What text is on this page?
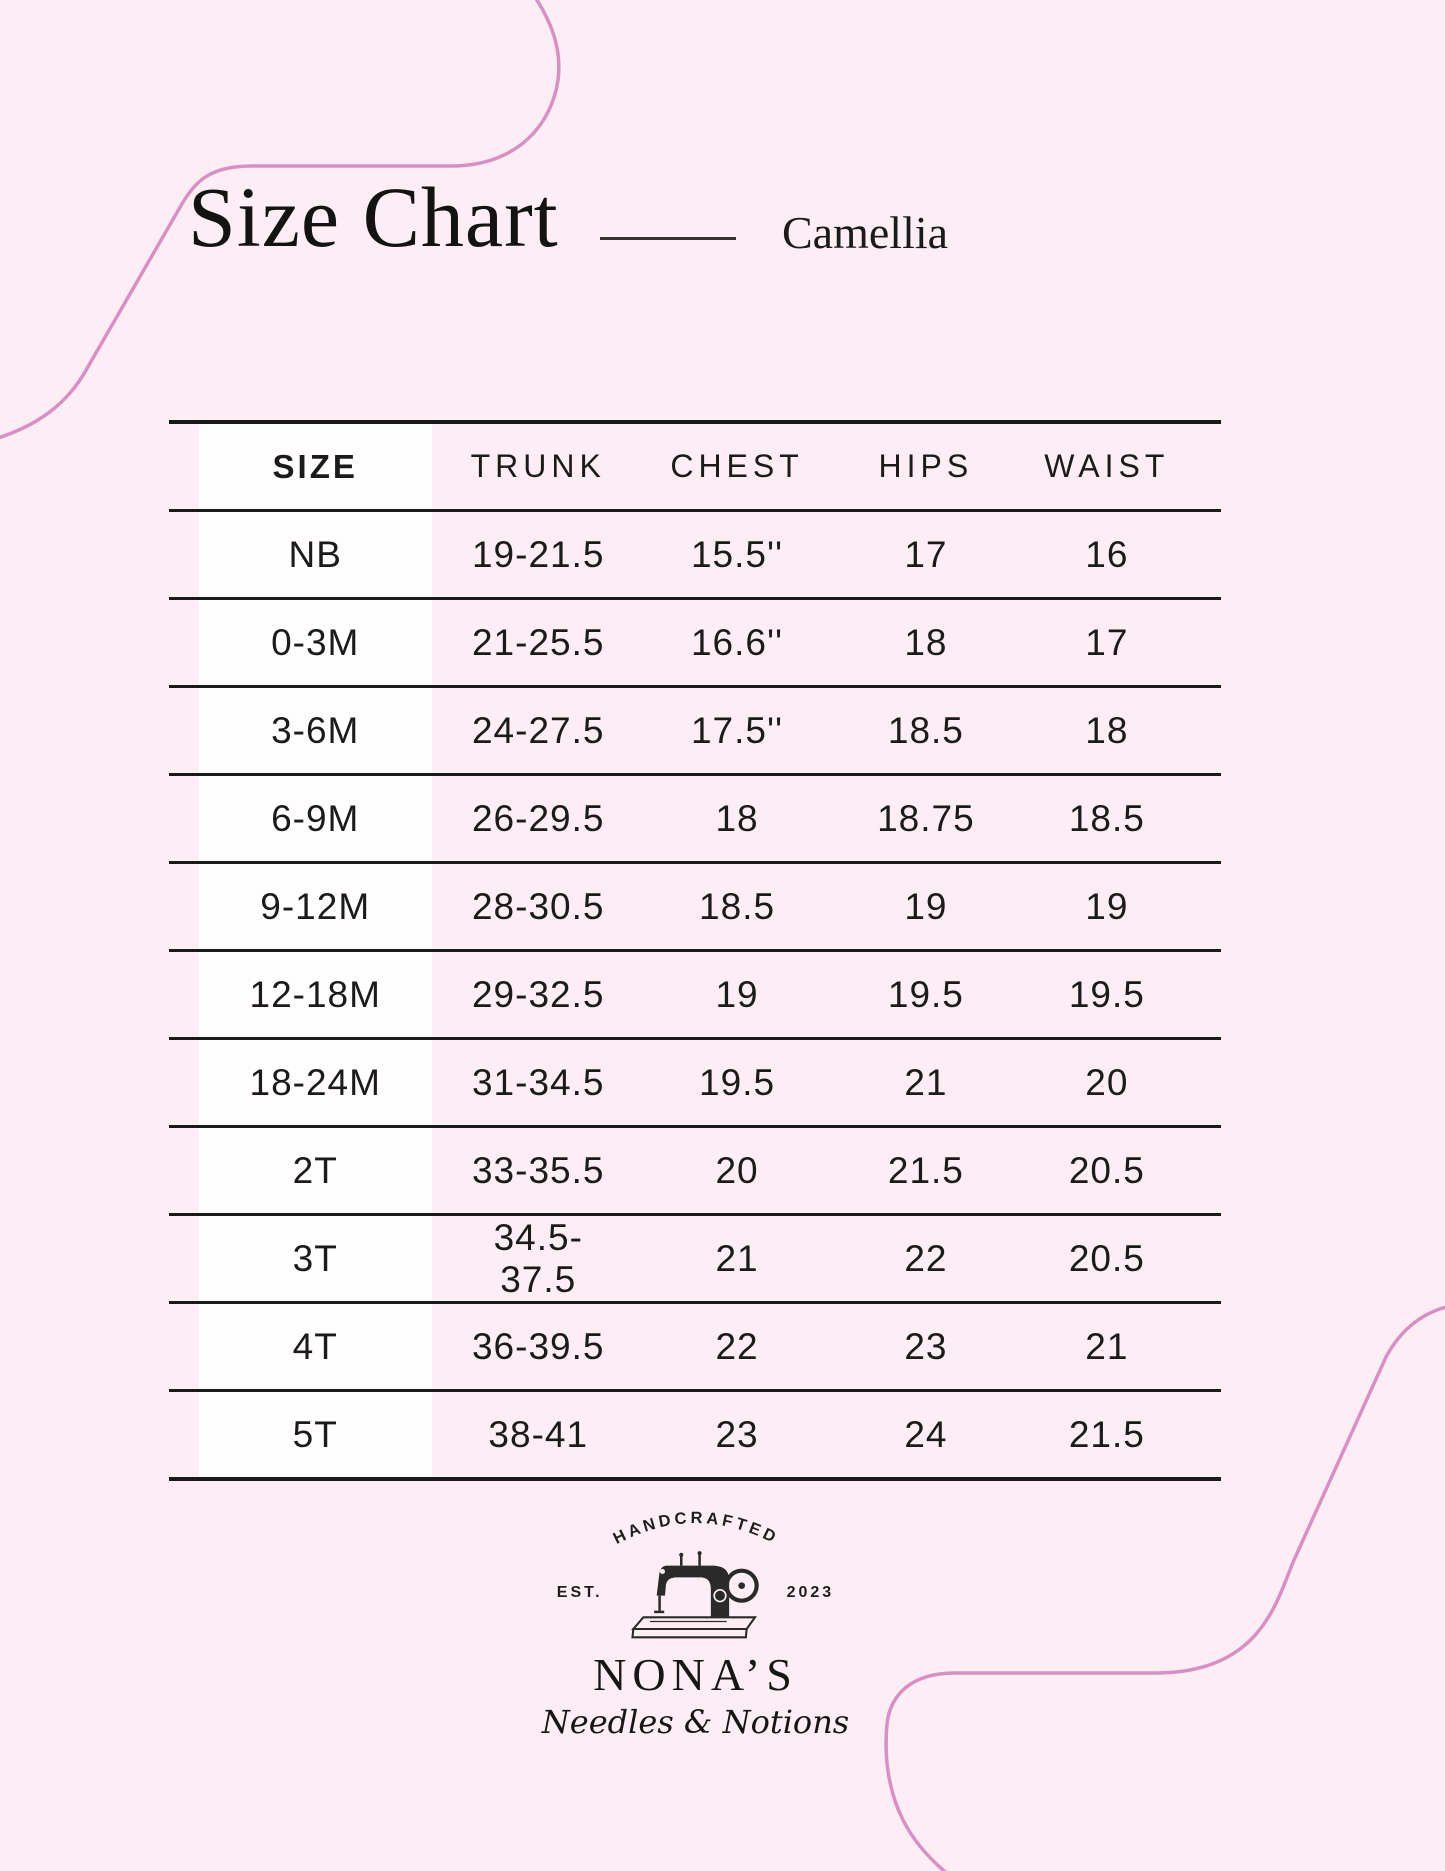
Size Chart	Camellia
SIZE	TRUNK	CHEST	HIPS	WAIST
NB	19-21.5	15.5''	17	16
0-3M	21-25.5	16.6''	18	17
3-6M	24-27.5	17.5''	18.5	18
6-9M	26-29.5	18	18.75	18.5
9-12M	28-30.5	18.5	19	19
12-18M	29-32.5	19	19.5	19.5
18-24M	31-34.5	19.5	21	20
2T	33-35.5	20	21.5	20.5
3T	34.5-37.5	21	22	20.5
4T	36-39.5	22	23	21
5T	38-41	23	24	21.5
HANDCRAFTED
EST.	2023
NONA’S
Needles & Notions
